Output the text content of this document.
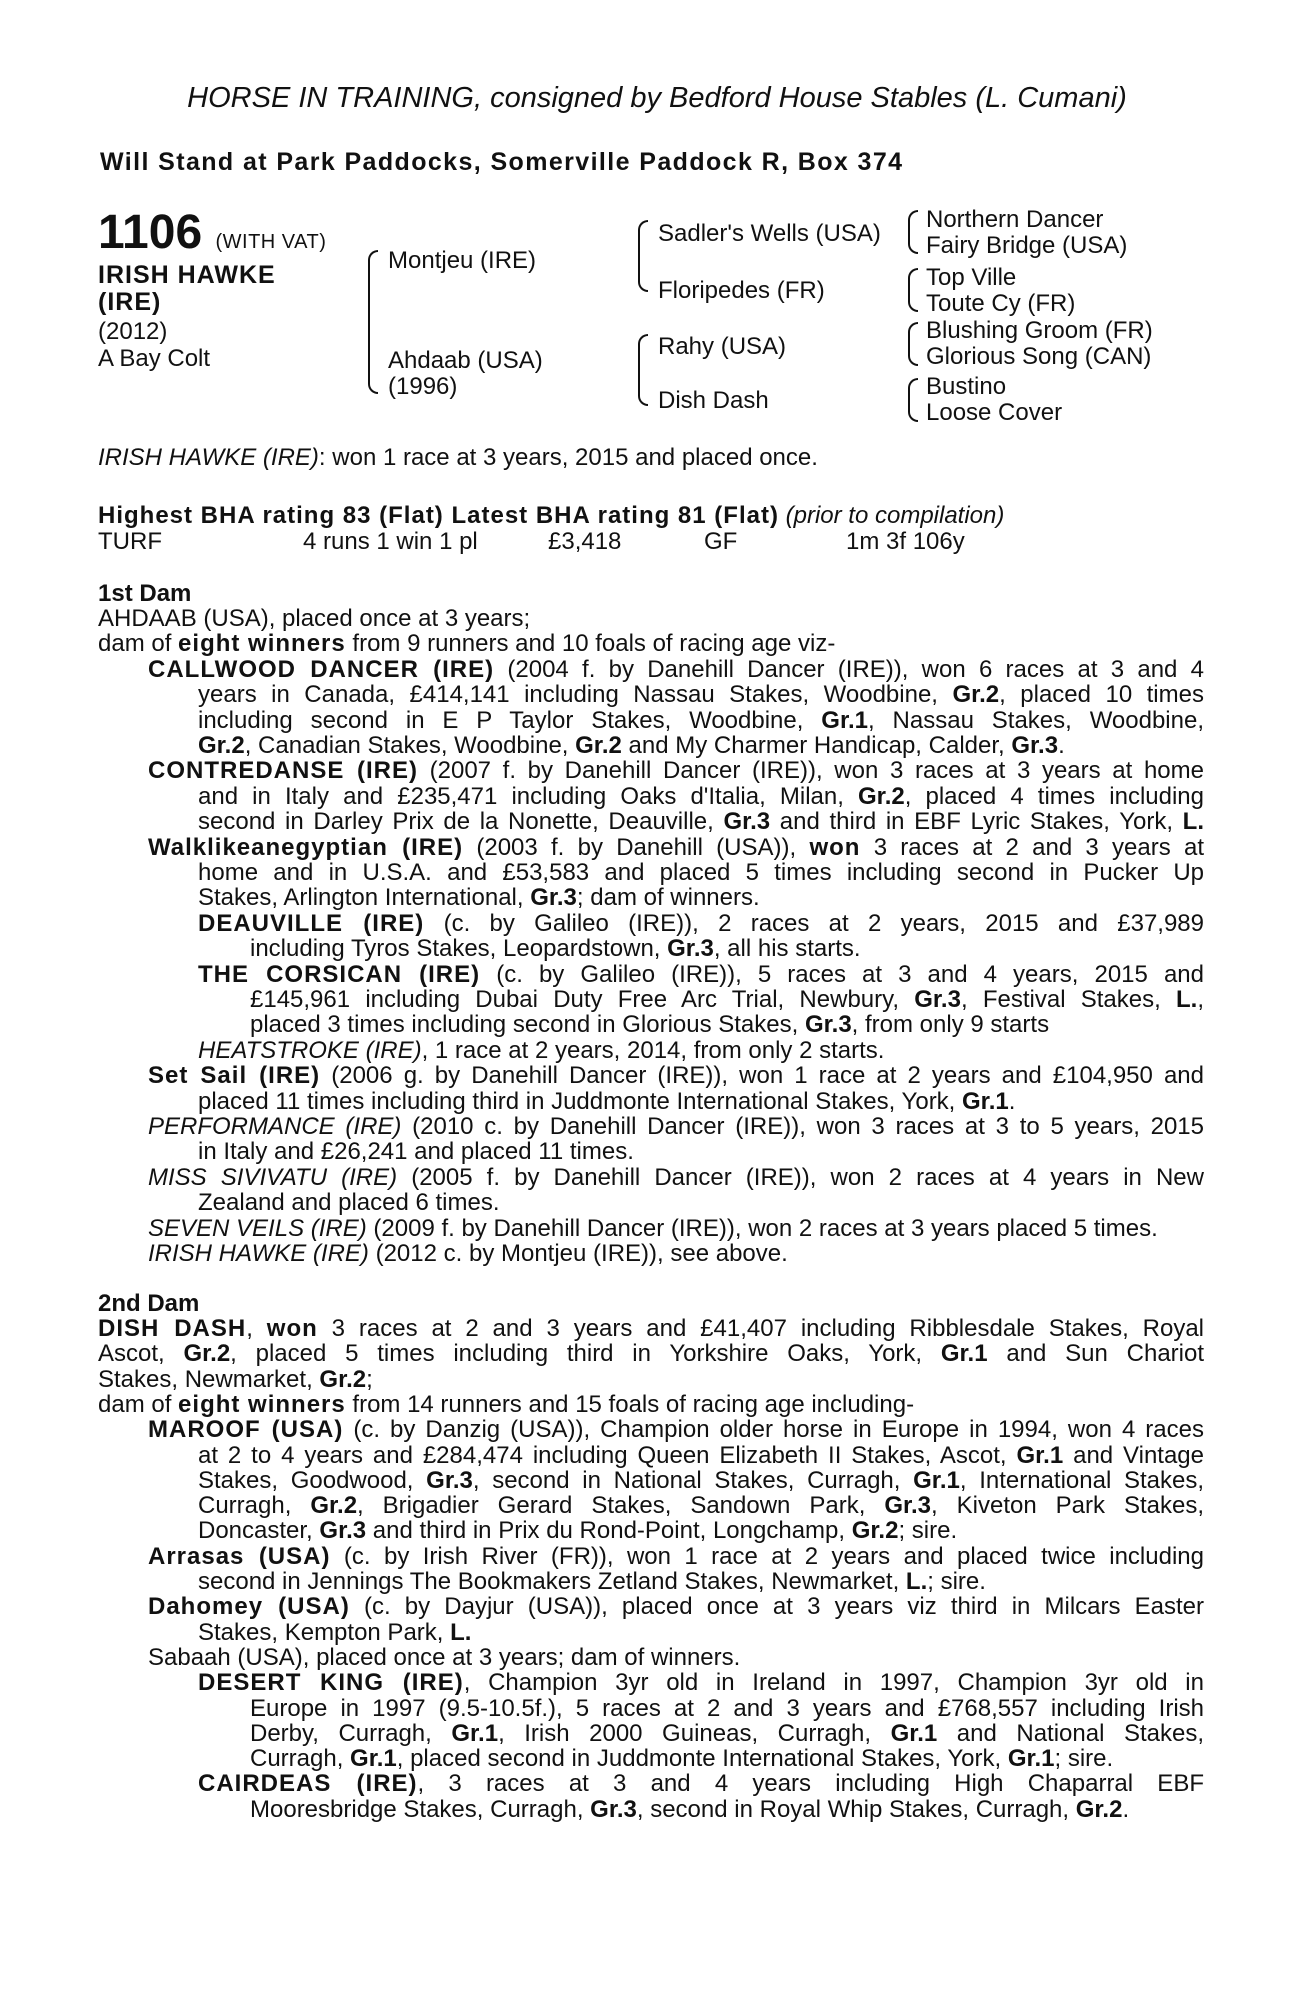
HORSE IN TRAINING, consigned by Bedford House Stables (L. Cumani)
Will Stand at Park Paddocks, Somerville Paddock R, Box 374
1106 (WITH VAT)
IRISH HAWKE
(IRE)
(2012)
A Bay Colt
Montjeu (IRE)
Ahdaab (USA)
(1996)
Sadler's Wells (USA)
Floripedes (FR)
Rahy (USA)
Dish Dash
Northern Dancer
Fairy Bridge (USA)
Top Ville
Toute Cy (FR)
Blushing Groom (FR)
Glorious Song (CAN)
Bustino
Loose Cover
IRISH HAWKE (IRE): won 1 race at 3 years, 2015 and placed once.
Highest BHA rating 83 (Flat) Latest BHA rating 81 (Flat) (prior to compilation)
TURF	4 runs 1 win 1 pl	£3,418	GF	1m 3f 106y
1st Dam
AHDAAB (USA), placed once at 3 years;
dam of eight winners from 9 runners and 10 foals of racing age viz-
CALLWOOD DANCER (IRE) (2004 f. by Danehill Dancer (IRE)), won 6 races at 3 and 4
years in Canada, £414,141 including Nassau Stakes, Woodbine, Gr.2, placed 10 times
including second in E P Taylor Stakes, Woodbine, Gr.1, Nassau Stakes, Woodbine,
Gr.2, Canadian Stakes, Woodbine, Gr.2 and My Charmer Handicap, Calder, Gr.3.
CONTREDANSE (IRE) (2007 f. by Danehill Dancer (IRE)), won 3 races at 3 years at home
and in Italy and £235,471 including Oaks d'Italia, Milan, Gr.2, placed 4 times including
second in Darley Prix de la Nonette, Deauville, Gr.3 and third in EBF Lyric Stakes, York, L.
Walklikeanegyptian (IRE) (2003 f. by Danehill (USA)), won 3 races at 2 and 3 years at
home and in U.S.A. and £53,583 and placed 5 times including second in Pucker Up
Stakes, Arlington International, Gr.3; dam of winners.
DEAUVILLE (IRE) (c. by Galileo (IRE)), 2 races at 2 years, 2015 and £37,989
including Tyros Stakes, Leopardstown, Gr.3, all his starts.
THE CORSICAN (IRE) (c. by Galileo (IRE)), 5 races at 3 and 4 years, 2015 and
£145,961 including Dubai Duty Free Arc Trial, Newbury, Gr.3, Festival Stakes, L.,
placed 3 times including second in Glorious Stakes, Gr.3, from only 9 starts
HEATSTROKE (IRE), 1 race at 2 years, 2014, from only 2 starts.
Set Sail (IRE) (2006 g. by Danehill Dancer (IRE)), won 1 race at 2 years and £104,950 and
placed 11 times including third in Juddmonte International Stakes, York, Gr.1.
PERFORMANCE (IRE) (2010 c. by Danehill Dancer (IRE)), won 3 races at 3 to 5 years, 2015
in Italy and £26,241 and placed 11 times.
MISS SIVIVATU (IRE) (2005 f. by Danehill Dancer (IRE)), won 2 races at 4 years in New
Zealand and placed 6 times.
SEVEN VEILS (IRE) (2009 f. by Danehill Dancer (IRE)), won 2 races at 3 years placed 5 times.
IRISH HAWKE (IRE) (2012 c. by Montjeu (IRE)), see above.
2nd Dam
DISH DASH, won 3 races at 2 and 3 years and £41,407 including Ribblesdale Stakes, Royal
Ascot, Gr.2, placed 5 times including third in Yorkshire Oaks, York, Gr.1 and Sun Chariot
Stakes, Newmarket, Gr.2;
dam of eight winners from 14 runners and 15 foals of racing age including-
MAROOF (USA) (c. by Danzig (USA)), Champion older horse in Europe in 1994, won 4 races
at 2 to 4 years and £284,474 including Queen Elizabeth II Stakes, Ascot, Gr.1 and Vintage
Stakes, Goodwood, Gr.3, second in National Stakes, Curragh, Gr.1, International Stakes,
Curragh, Gr.2, Brigadier Gerard Stakes, Sandown Park, Gr.3, Kiveton Park Stakes,
Doncaster, Gr.3 and third in Prix du Rond-Point, Longchamp, Gr.2; sire.
Arrasas (USA) (c. by Irish River (FR)), won 1 race at 2 years and placed twice including
second in Jennings The Bookmakers Zetland Stakes, Newmarket, L.; sire.
Dahomey (USA) (c. by Dayjur (USA)), placed once at 3 years viz third in Milcars Easter
Stakes, Kempton Park, L.
Sabaah (USA), placed once at 3 years; dam of winners.
DESERT KING (IRE), Champion 3yr old in Ireland in 1997, Champion 3yr old in
Europe in 1997 (9.5-10.5f.), 5 races at 2 and 3 years and £768,557 including Irish
Derby, Curragh, Gr.1, Irish 2000 Guineas, Curragh, Gr.1 and National Stakes,
Curragh, Gr.1, placed second in Juddmonte International Stakes, York, Gr.1; sire.
CAIRDEAS (IRE), 3 races at 3 and 4 years including High Chaparral EBF
Mooresbridge Stakes, Curragh, Gr.3, second in Royal Whip Stakes, Curragh, Gr.2.
